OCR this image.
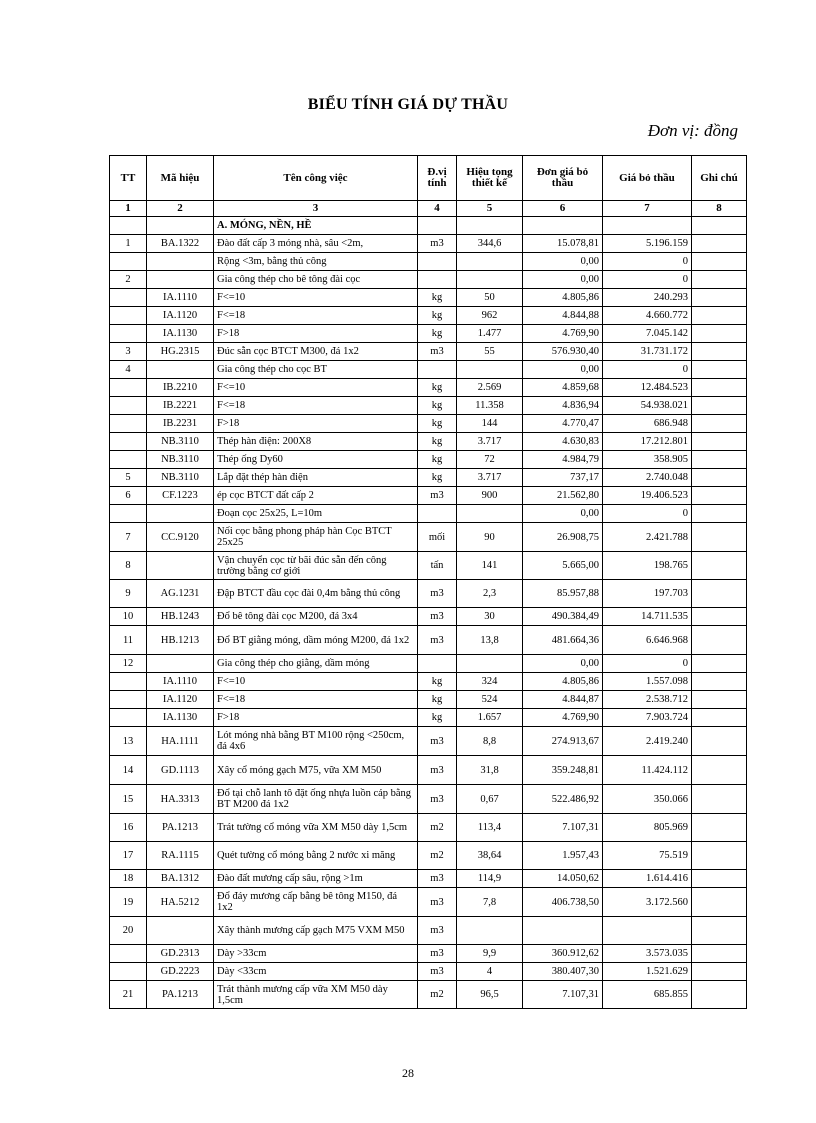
BIỂU TÍNH GIÁ DỰ THẦU
Đơn vị: đồng
TT	Mã hiệu	Tên công việc	Đ.vị tính	Hiệu tọng thiết kế	Đơn giá bỏ thầu	Giá bỏ thầu	Ghi chú
1	2	3	4	5	6	7	8
		A. MÓNG, NỀN, HỀ					
1	BA.1322	Đào đất cấp 3 móng nhà, sâu <2m,	m3	344,6	15.078,81	5.196.159	
		Rộng <3m, bằng thủ công			0,00	0	
2		Gia công thép cho bê tông đài cọc			0,00	0	
	IA.1110	F<=10	kg	50	4.805,86	240.293	
	IA.1120	F<=18	kg	962	4.844,88	4.660.772	
	IA.1130	F>18	kg	1.477	4.769,90	7.045.142	
3	HG.2315	Đúc sẵn cọc BTCT M300, đá 1x2	m3	55	576.930,40	31.731.172	
4		Gia công thép cho cọc BT			0,00	0	
	IB.2210	F<=10	kg	2.569	4.859,68	12.484.523	
	IB.2221	F<=18	kg	11.358	4.836,94	54.938.021	
	IB.2231	F>18	kg	144	4.770,47	686.948	
	NB.3110	Thép hàn điện: 200X8	kg	3.717	4.630,83	17.212.801	
	NB.3110	Thép ống Dy60	kg	72	4.984,79	358.905	
5	NB.3110	Lắp đặt thép hàn điện	kg	3.717	737,17	2.740.048	
6	CF.1223	ép cọc BTCT đất cấp 2	m3	900	21.562,80	19.406.523	
		Đoạn cọc 25x25, L=10m			0,00	0	
7	CC.9120	Nối cọc bằng phong pháp hàn Cọc BTCT 25x25	mối	90	26.908,75	2.421.788	
8		Vận chuyển cọc từ bãi đúc sẵn đến công trường bằng cơ giới	tấn	141	5.665,00	198.765	
9	AG.1231	Đập BTCT đầu cọc đài 0,4m bằng thủ công	m3	2,3	85.957,88	197.703	
10	HB.1243	Đổ bê tông đài cọc M200, đá 3x4	m3	30	490.384,49	14.711.535	
11	HB.1213	Đổ BT giằng móng, dầm móng M200, đá 1x2	m3	13,8	481.664,36	6.646.968	
12		Gia công thép cho giằng, dầm móng			0,00	0	
	IA.1110	F<=10	kg	324	4.805,86	1.557.098	
	IA.1120	F<=18	kg	524	4.844,87	2.538.712	
	IA.1130	F>18	kg	1.657	4.769,90	7.903.724	
13	HA.1111	Lót móng nhà bằng BT M100 rộng <250cm, đá 4x6	m3	8,8	274.913,67	2.419.240	
14	GD.1113	Xây cổ móng gạch M75, vữa XM M50	m3	31,8	359.248,81	11.424.112	
15	HA.3313	Đổ tại chỗ lanh tô đặt ống nhựa luồn cáp bằng BT M200 đá 1x2	m3	0,67	522.486,92	350.066	
16	PA.1213	Trát tường cổ móng vữa XM M50 dày 1,5cm	m2	113,4	7.107,31	805.969	
17	RA.1115	Quét tường cổ móng bằng 2 nước xi măng	m2	38,64	1.957,43	75.519	
18	BA.1312	Đào đất mương cấp sâu, rộng >1m	m3	114,9	14.050,62	1.614.416	
19	HA.5212	Đổ đáy mương cấp bằng bê tông M150, đá 1x2	m3	7,8	406.738,50	3.172.560	
20		Xây thành mương cấp gạch M75 VXM M50	m3				
	GD.2313	Dày >33cm	m3	9,9	360.912,62	3.573.035	
	GD.2223	Dày <33cm	m3	4	380.407,30	1.521.629	
21	PA.1213	Trát thành mương cấp vữa XM M50 dày 1,5cm	m2	96,5	7.107,31	685.855	
28
